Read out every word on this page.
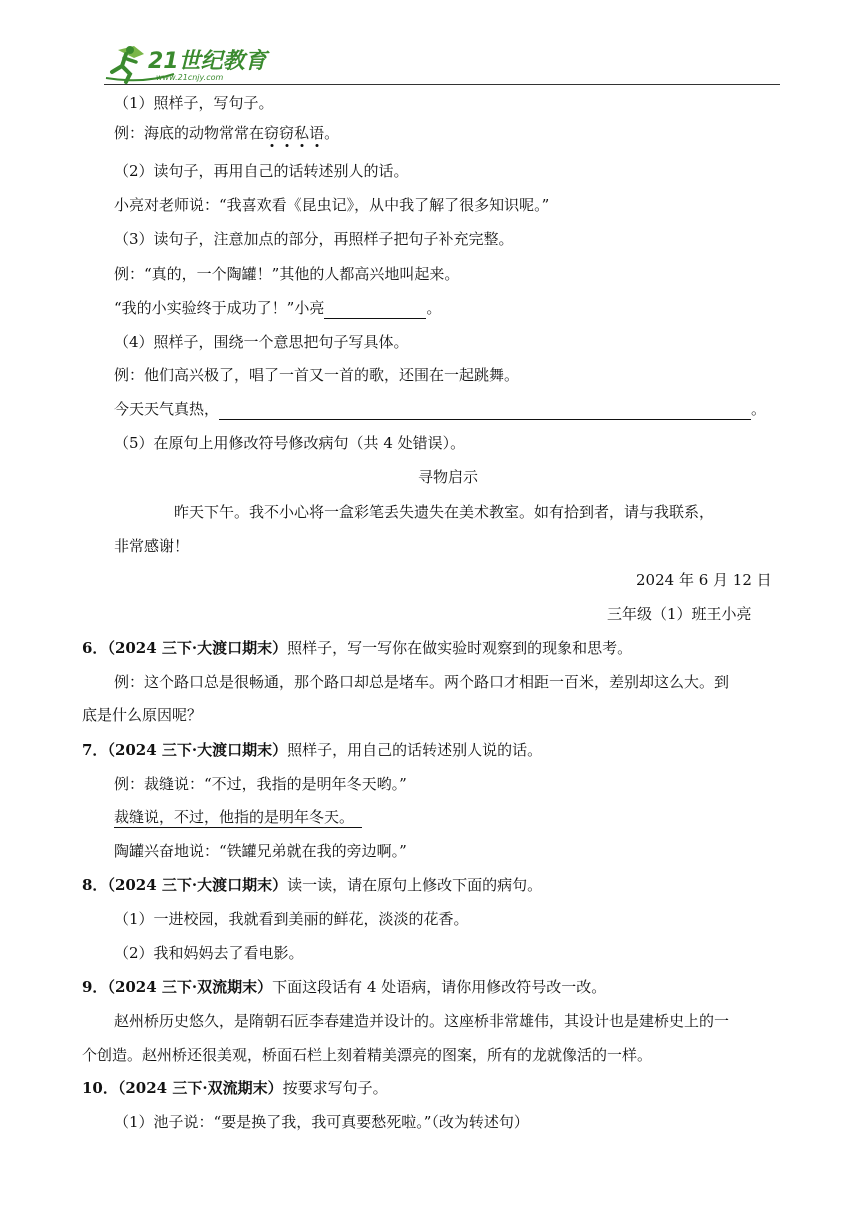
21世纪教育
www.21cnjy.com
（1）照样子，写句子。
例：海底的动物常常在窃窃私语。
（2）读句子，再用自己的话转述别人的话。
小亮对老师说：“我喜欢看《昆虫记》，从中我了解了很多知识呢。”
（3）读句子，注意加点的部分，再照样子把句子补充完整。
例：“真的，一个陶罐！”其他的人都高兴地叫起来。
“我的小实验终于成功了！”小亮	。
（4）照样子，围绕一个意思把句子写具体。
例：他们高兴极了，唱了一首又一首的歌，还围在一起跳舞。
今天天气真热，	。
（5）在原句上用修改符号修改病句（共 4 处错误）。
寻物启示
昨天下午。我不小心将一盒彩笔丢失遗失在美术教室。如有拾到者，请与我联系，
非常感谢！
2024 年 6 月 12 日
三年级（1）班王小亮
6．（2024 三下·大渡口期末）照样子，写一写你在做实验时观察到的现象和思考。
例：这个路口总是很畅通，那个路口却总是堵车。两个路口才相距一百米，差别却这么大。到
底是什么原因呢？
7．（2024 三下·大渡口期末）照样子，用自己的话转述别人说的话。
例：裁缝说：“不过，我指的是明年冬天哟。”
裁缝说，不过，他指的是明年冬天。
陶罐兴奋地说：“铁罐兄弟就在我的旁边啊。”
8．（2024 三下·大渡口期末）读一读，请在原句上修改下面的病句。
（1）一进校园，我就看到美丽的鲜花，淡淡的花香。
（2）我和妈妈去了看电影。
9．（2024 三下·双流期末）下面这段话有 4 处语病，请你用修改符号改一改。
赵州桥历史悠久，是隋朝石匠李春建造并设计的。这座桥非常雄伟，其设计也是建桥史上的一
个创造。赵州桥还很美观，桥面石栏上刻着精美漂亮的图案，所有的龙就像活的一样。
10．（2024 三下·双流期末）按要求写句子。
（1）池子说：“要是换了我，我可真要愁死啦。”（改为转述句）
